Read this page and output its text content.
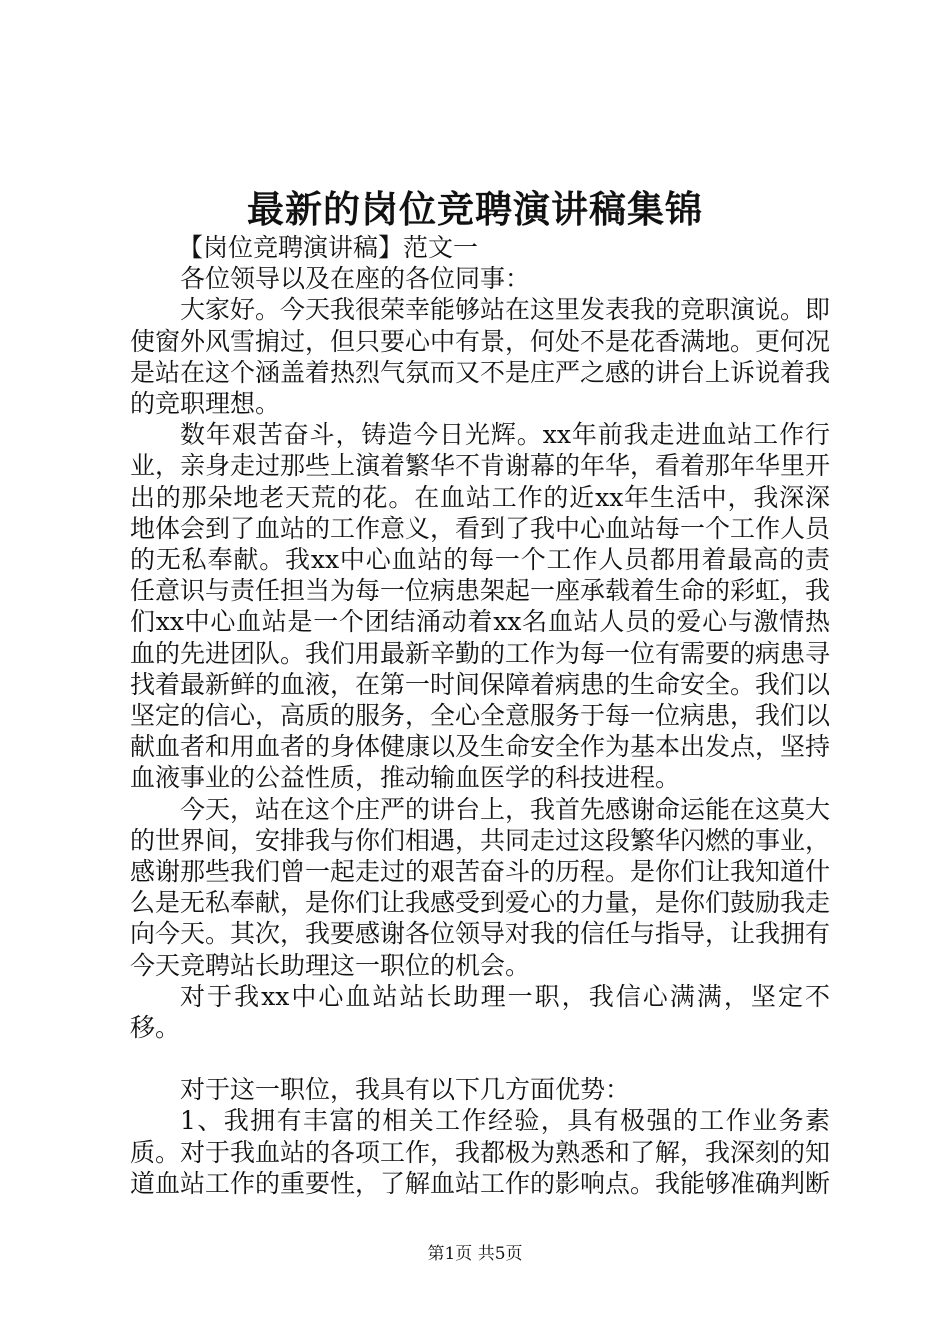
最新的岗位竞聘演讲稿集锦

【岗位竞聘演讲稿】范文一

各位领导以及在座的各位同事：

大家好。今天我很荣幸能够站在这里发表我的竞职演说。即使窗外风雪掮过，但只要心中有景，何处不是花香满地。更何况是站在这个涵盖着热烈气氛而又不是庄严之感的讲台上诉说着我的竞职理想。

数年艰苦奋斗，铸造今日光辉。xx年前我走进血站工作行业，亲身走过那些上演着繁华不肯谢幕的年华，看着那年华里开出的那朵地老天荒的花。在血站工作的近xx年生活中，我深深地体会到了血站的工作意义，看到了我中心血站每一个工作人员的无私奉献。我xx中心血站的每一个工作人员都用着最高的责任意识与责任担当为每一位病患架起一座承载着生命的彩虹，我们xx中心血站是一个团结涌动着xx名血站人员的爱心与激情热血的先进团队。我们用最新辛勤的工作为每一位有需要的病患寻找着最新鲜的血液，在第一时间保障着病患的生命安全。我们以坚定的信心，高质的服务，全心全意服务于每一位病患，我们以献血者和用血者的身体健康以及生命安全作为基本出发点，坚持血液事业的公益性质，推动输血医学的科技进程。

今天，站在这个庄严的讲台上，我首先感谢命运能在这莫大的世界间，安排我与你们相遇，共同走过这段繁华闪燃的事业，感谢那些我们曾一起走过的艰苦奋斗的历程。是你们让我知道什么是无私奉献，是你们让我感受到爱心的力量，是你们鼓励我走向今天。其次，我要感谢各位领导对我的信任与指导，让我拥有今天竞聘站长助理这一职位的机会。

对于我xx中心血站站长助理一职，我信心满满，坚定不移。

对于这一职位，我具有以下几方面优势：

1、我拥有丰富的相关工作经验，具有极强的工作业务素质。对于我血站的各项工作，我都极为熟悉和了解，我深刻的知道血站工作的重要性，了解血站工作的影响点。我能够准确判断

第1页 共5页
